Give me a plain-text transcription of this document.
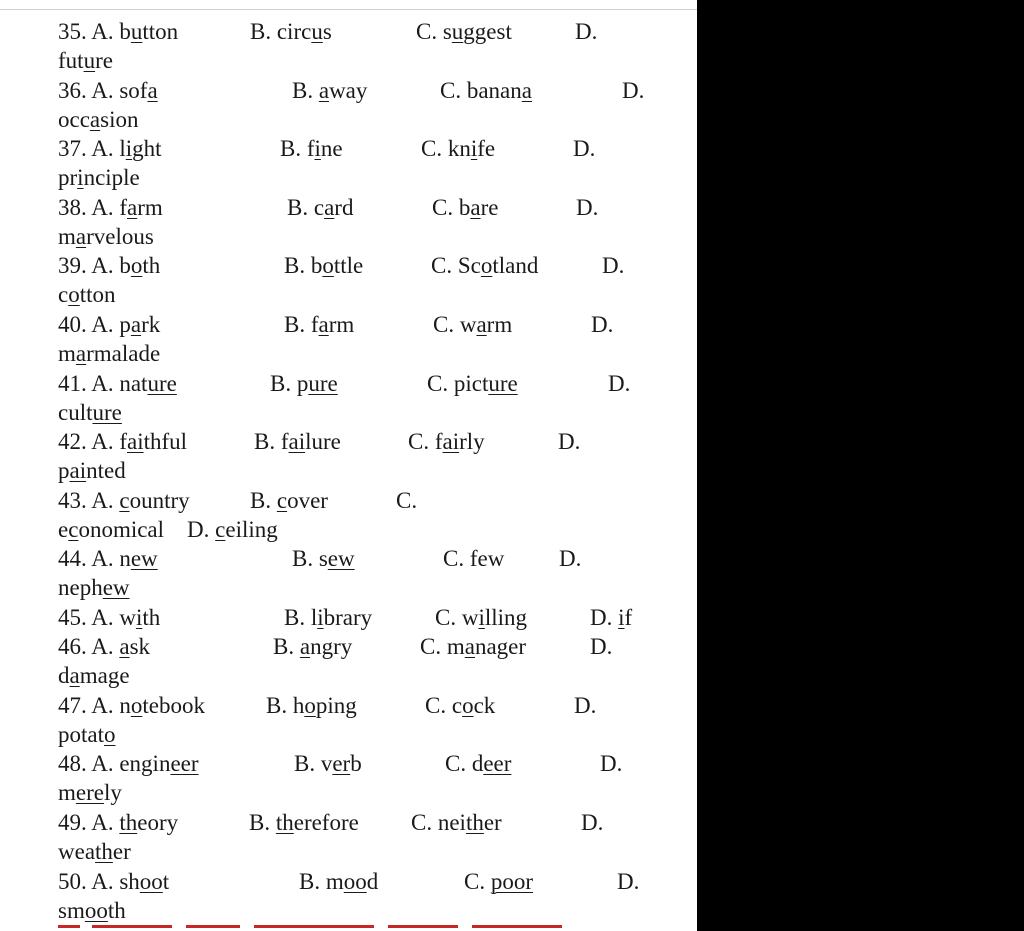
35. A. button	B. circus	C. suggest	D.
future
36. A. sofa	B. away	C. banana	D.
occasion
37. A. light	B. fine	C. knife	D.
principle
38. A. farm	B. card	C. bare	D.
marvelous
39. A. both	B. bottle	C. Scotland	D.
cotton
40. A. park	B. farm	C. warm	D.
marmalade
41. A. nature	B. pure	C. picture	D.
culture
42. A. faithful	B. failure	C. fairly	D.
painted
43. A. country	B. cover	C.
economical    D. ceiling
44. A. new	B. sew	C. few D.
nephew
45. A. with	B. library	C. willing	D. if
46. A. ask	B. angry	C. manager	D.
damage
47. A. notebook	B. hoping	C. cock	D.
potato
48. A. engineer	B. verb	C. deer	D.
merely
49. A. theory	B. therefore C. neither	D.
weather
50. A. shoot	B. mood	C. poor	D.
smooth
